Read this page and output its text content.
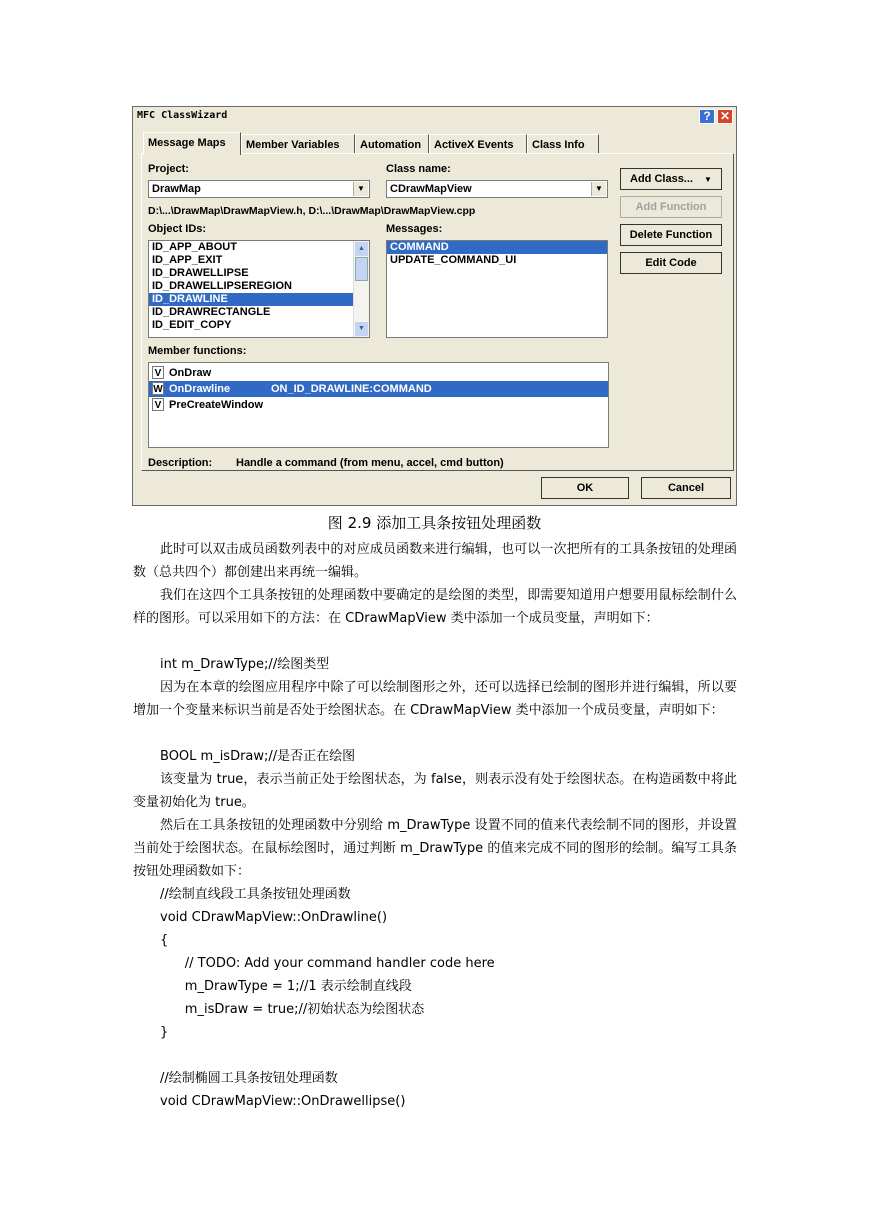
MFC ClassWizard	? ✕
Message Maps	Member Variables	Automation	ActiveX Events	Class Info
Project:
DrawMap	▼
Class name:
CDrawMapView	▼
D:\...\DrawMap\DrawMapView.h, D:\...\DrawMap\DrawMapView.cpp
Object IDs:
ID_APP_ABOUT
ID_APP_EXIT
ID_DRAWELLIPSE
ID_DRAWELLIPSEREGION
ID_DRAWLINE
ID_DRAWRECTANGLE
ID_EDIT_COPY
▲
▼
Messages:
COMMAND
UPDATE_COMMAND_UI
Add Class... ▼
Add Function
Delete Function
Edit Code
Member functions:
V OnDraw
W OnDrawline	ON_ID_DRAWLINE:COMMAND
V PreCreateWindow
Description: Handle a command (from menu, accel, cmd button)
OK	Cancel
图 2.9 添加工具条按钮处理函数
此时可以双击成员函数列表中的对应成员函数来进行编辑，也可以一次把所有的工具条按钮的处理函数（总共四个）都创建出来再统一编辑。
我们在这四个工具条按钮的处理函数中要确定的是绘图的类型，即需要知道用户想要用鼠标绘制什么样的图形。可以采用如下的方法：在 CDrawMapView 类中添加一个成员变量，声明如下：
int m_DrawType;//绘图类型
因为在本章的绘图应用程序中除了可以绘制图形之外，还可以选择已绘制的图形并进行编辑，所以要增加一个变量来标识当前是否处于绘图状态。在 CDrawMapView 类中添加一个成员变量，声明如下：
BOOL m_isDraw;//是否正在绘图
该变量为 true，表示当前正处于绘图状态，为 false，则表示没有处于绘图状态。在构造函数中将此变量初始化为 true。
然后在工具条按钮的处理函数中分别给 m_DrawType 设置不同的值来代表绘制不同的图形，并设置当前处于绘图状态。在鼠标绘图时，通过判断 m_DrawType 的值来完成不同的图形的绘制。编写工具条按钮处理函数如下：
//绘制直线段工具条按钮处理函数
void CDrawMapView::OnDrawline()
{
// TODO: Add your command handler code here
m_DrawType = 1;//1 表示绘制直线段
m_isDraw = true;//初始状态为绘图状态
}
//绘制椭圆工具条按钮处理函数
void CDrawMapView::OnDrawellipse()
